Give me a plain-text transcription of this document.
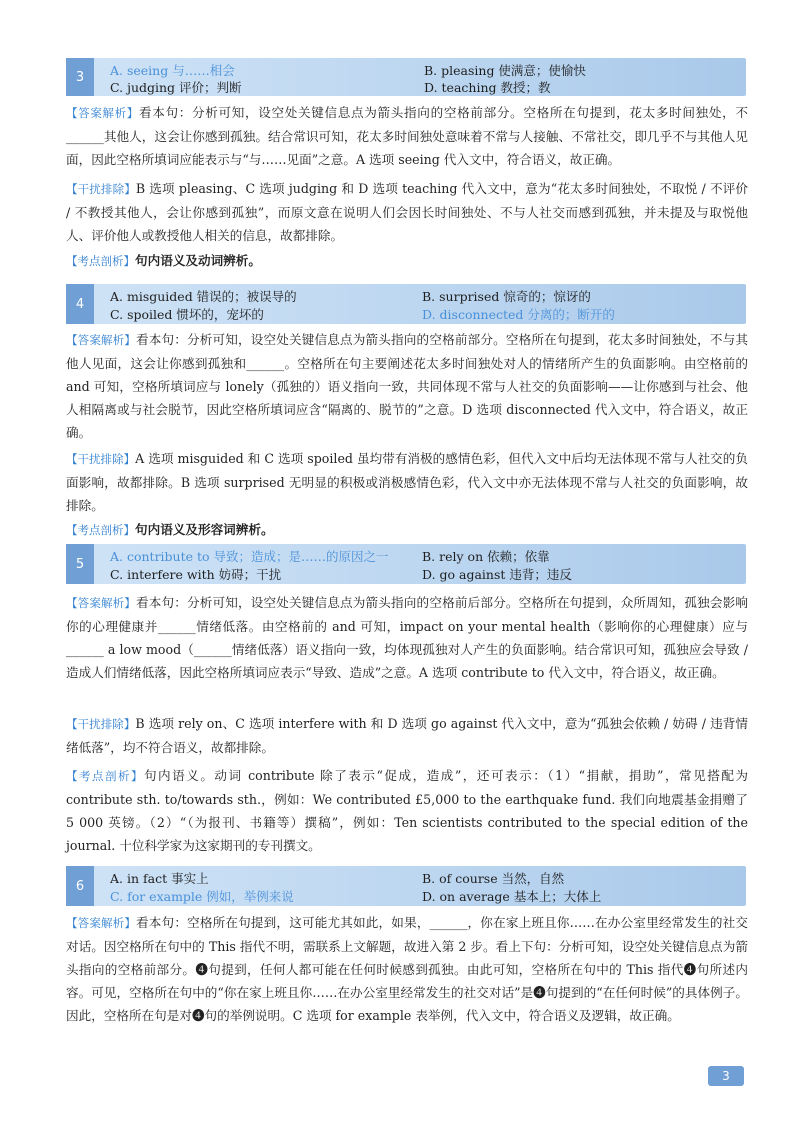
3	A. seeing 与……相会	B. pleasing 使满意；使愉快
C. judging 评价；判断	D. teaching 教授；教
【答案解析】看本句：分析可知，设空处关键信息点为箭头指向的空格前部分。空格所在句提到，花太多时间独处，不______其他人，这会让你感到孤独。结合常识可知，花太多时间独处意味着不常与人接触、不常社交，即几乎不与其他人见面，因此空格所填词应能表示与“与……见面”之意。A 选项 seeing 代入文中，符合语义，故正确。
【干扰排除】B 选项 pleasing、C 选项 judging 和 D 选项 teaching 代入文中，意为“花太多时间独处，不取悦 / 不评价 / 不教授其他人，会让你感到孤独”，而原文意在说明人们会因长时间独处、不与人社交而感到孤独，并未提及与取悦他人、评价他人或教授他人相关的信息，故都排除。
【考点剖析】句内语义及动词辨析。
4	A. misguided 错误的；被误导的	B. surprised 惊奇的；惊讶的
C. spoiled 惯坏的，宠坏的	D. disconnected 分离的；断开的
【答案解析】看本句：分析可知，设空处关键信息点为箭头指向的空格前部分。空格所在句提到，花太多时间独处，不与其他人见面，这会让你感到孤独和______。空格所在句主要阐述花太多时间独处对人的情绪所产生的负面影响。由空格前的 and 可知，空格所填词应与 lonely（孤独的）语义指向一致，共同体现不常与人社交的负面影响——让你感到与社会、他人相隔离或与社会脱节，因此空格所填词应含“隔离的、脱节的”之意。D 选项 disconnected 代入文中，符合语义，故正确。
【干扰排除】A 选项 misguided 和 C 选项 spoiled 虽均带有消极的感情色彩，但代入文中后均无法体现不常与人社交的负面影响，故都排除。B 选项 surprised 无明显的积极或消极感情色彩，代入文中亦无法体现不常与人社交的负面影响，故排除。
【考点剖析】句内语义及形容词辨析。
5	A. contribute to 导致；造成；是……的原因之一	B. rely on 依赖；依靠
C. interfere with 妨碍；干扰	D. go against 违背；违反
【答案解析】看本句：分析可知，设空处关键信息点为箭头指向的空格前后部分。空格所在句提到，众所周知，孤独会影响你的心理健康并______情绪低落。由空格前的 and 可知，impact on your mental health（影响你的心理健康）应与______ a low mood（______情绪低落）语义指向一致，均体现孤独对人产生的负面影响。结合常识可知，孤独应会导致 / 造成人们情绪低落，因此空格所填词应表示“导致、造成”之意。A 选项 contribute to 代入文中，符合语义，故正确。
【干扰排除】B 选项 rely on、C 选项 interfere with 和 D 选项 go against 代入文中，意为“孤独会依赖 / 妨碍 / 违背情绪低落”，均不符合语义，故都排除。
【考点剖析】句内语义。动词 contribute 除了表示“促成，造成”，还可表示：（1）“捐献，捐助”，常见搭配为 contribute sth. to/towards sth.，例如：We contributed £5,000 to the earthquake fund. 我们向地震基金捐赠了 5 000 英镑。（2）“（为报刊、书籍等）撰稿”，例如：Ten scientists contributed to the special edition of the journal. 十位科学家为这家期刊的专刊撰文。
6	A. in fact 事实上	B. of course 当然，自然
C. for example 例如，举例来说	D. on average 基本上；大体上
【答案解析】看本句：空格所在句提到，这可能尤其如此，如果，______，你在家上班且你……在办公室里经常发生的社交对话。因空格所在句中的 This 指代不明，需联系上文解题，故进入第 2 步。看上下句：分析可知，设空处关键信息点为箭头指向的空格前部分。❹句提到，任何人都可能在任何时候感到孤独。由此可知，空格所在句中的 This 指代❹句所述内容。可见，空格所在句中的“你在家上班且你……在办公室里经常发生的社交对话”是❹句提到的“在任何时候”的具体例子。因此，空格所在句是对❹句的举例说明。C 选项 for example 表举例，代入文中，符合语义及逻辑，故正确。
3
